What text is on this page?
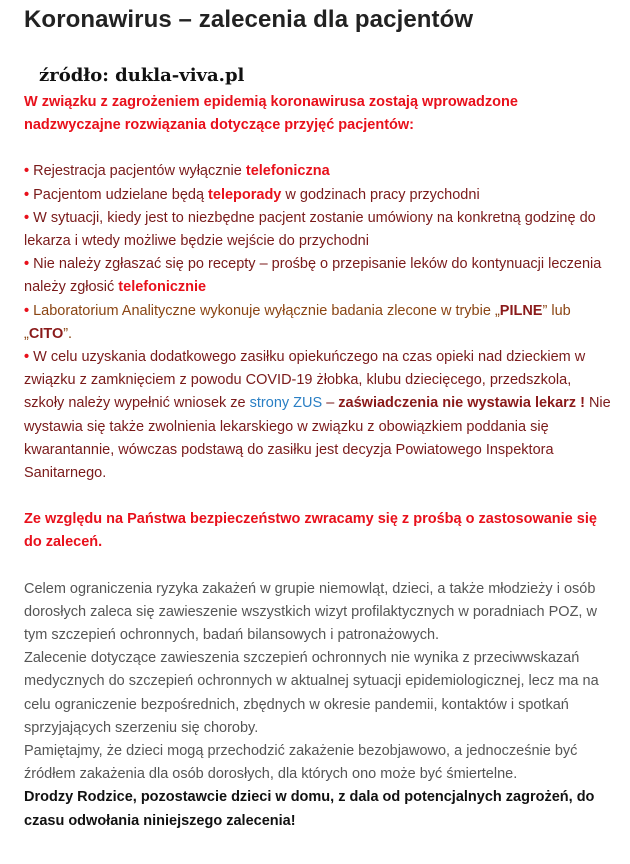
Koronawirus – zalecenia dla pacjentów
źródło: dukla-viva.pl

W związku z zagrożeniem epidemią koronawirusa zostają wprowadzone nadzwyczajne rozwiązania dotyczące przyjęć pacjentów:

• Rejestracja pacjentów wyłącznie telefoniczna

• Pacjentom udzielane będą teleporady w godzinach pracy przychodni

• W sytuacji, kiedy jest to niezbędne pacjent zostanie umówiony na konkretną godzinę do lekarza i wtedy możliwe będzie wejście do przychodni

• Nie należy zgłaszać się po recepty – prośbę o przepisanie leków do kontynuacji leczenia należy zgłosić telefonicznie

• Laboratorium Analityczne wykonuje wyłącznie badania zlecone w trybie „PILNE” lub „CITO”.

• W celu uzyskania dodatkowego zasiłku opiekuńczego na czas opieki nad dzieckiem w związku z zamknięciem z powodu COVID-19 żłobka, klubu dziecięcego, przedszkola, szkoły należy wypełnić wniosek ze strony ZUS – zaświadczenia nie wystawia lekarz ! Nie wystawia się także zwolnienia lekarskiego w związku z obowiązkiem poddania się kwarantannie, wówczas podstawą do zasiłku jest decyzja Powiatowego Inspektora Sanitarnego.

Ze względu na Państwa bezpieczeństwo zwracamy się z prośbą o zastosowanie się do zaleceń.

Celem ograniczenia ryzyka zakażeń w grupie niemowląt, dzieci, a także młodzieży i osób dorosłych zaleca się zawieszenie wszystkich wizyt profilaktycznych w poradniach POZ, w tym szczepień ochronnych, badań bilansowych i patronażowych.

Zalecenie dotyczące zawieszenia szczepień ochronnych nie wynika z przeciwwskazań medycznych do szczepień ochronnych w aktualnej sytuacji epidemiologicznej, lecz ma na celu ograniczenie bezpośrednich, zbędnych w okresie pandemii, kontaktów i spotkań sprzyjających szerzeniu się choroby.

Pamiętajmy, że dzieci mogą przechodzić zakażenie bezobjawowo, a jednocześnie być źródłem zakażenia dla osób dorosłych, dla których ono może być śmiertelne.

Drodzy Rodzice, pozostawcie dzieci w domu, z dala od potencjalnych zagrożeń, do czasu odwołania niniejszego zalecenia!
